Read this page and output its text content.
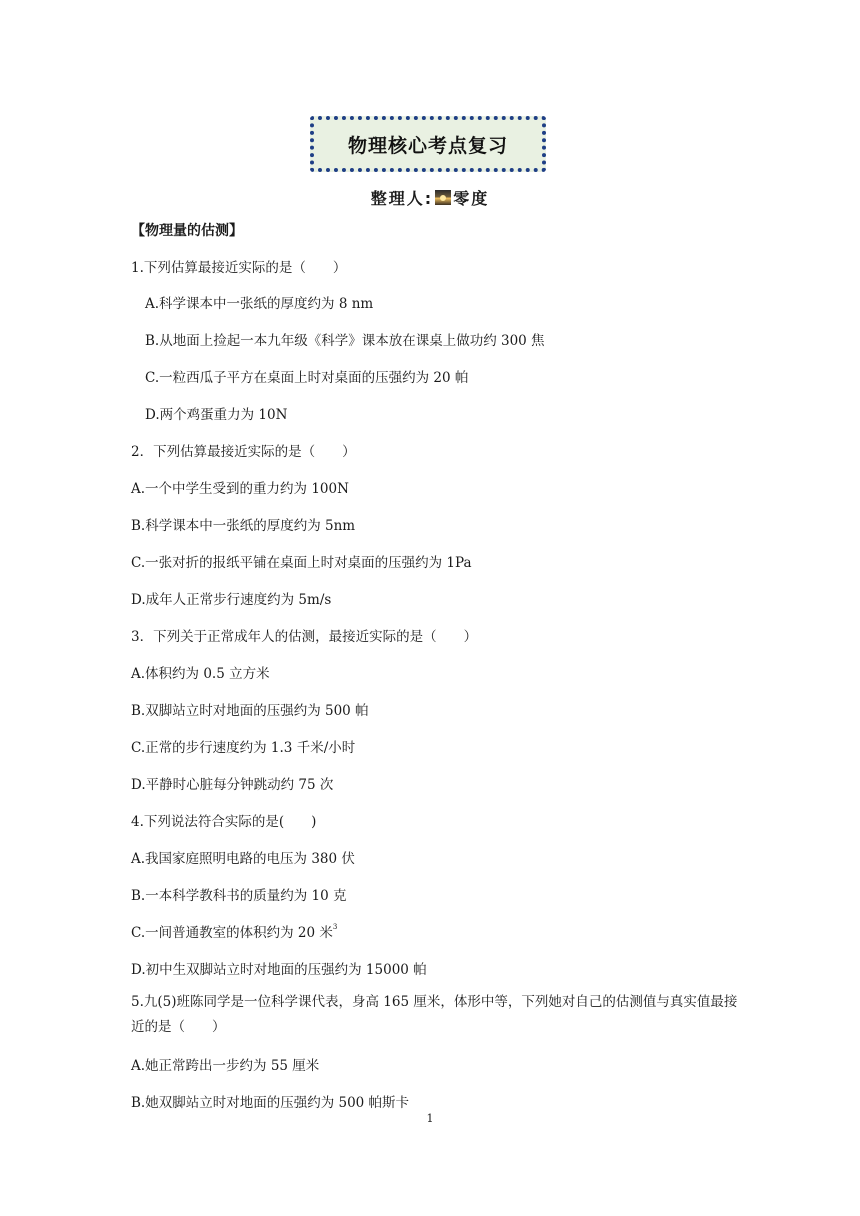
物理核心考点复习
整理人: 零度
【物理量的估测】
1.下列估算最接近实际的是（　　）
A.科学课本中一张纸的厚度约为 8 nm
B.从地面上捡起一本九年级《科学》课本放在课桌上做功约 300 焦
C.一粒西瓜子平方在桌面上时对桌面的压强约为 20 帕
D.两个鸡蛋重力为 10N
2．下列估算最接近实际的是（　　）
A.一个中学生受到的重力约为 100N
B.科学课本中一张纸的厚度约为 5nm
C.一张对折的报纸平铺在桌面上时对桌面的压强约为 1Pa
D.成年人正常步行速度约为 5m/s
3．下列关于正常成年人的估测，最接近实际的是（　　）
A.体积约为 0.5 立方米
B.双脚站立时对地面的压强约为 500 帕
C.正常的步行速度约为 1.3 千米/小时
D.平静时心脏每分钟跳动约 75 次
4.下列说法符合实际的是(　　)
A.我国家庭照明电路的电压为 380 伏
B.一本科学教科书的质量约为 10 克
C.一间普通教室的体积约为 20 米$^3$
D.初中生双脚站立时对地面的压强约为 15000 帕
5.九(5)班陈同学是一位科学课代表，身高 165 厘米，体形中等，下列她对自己的估测值与真实值最接近的是（　　）
A.她正常跨出一步约为 55 厘米
B.她双脚站立时对地面的压强约为 500 帕斯卡
1
